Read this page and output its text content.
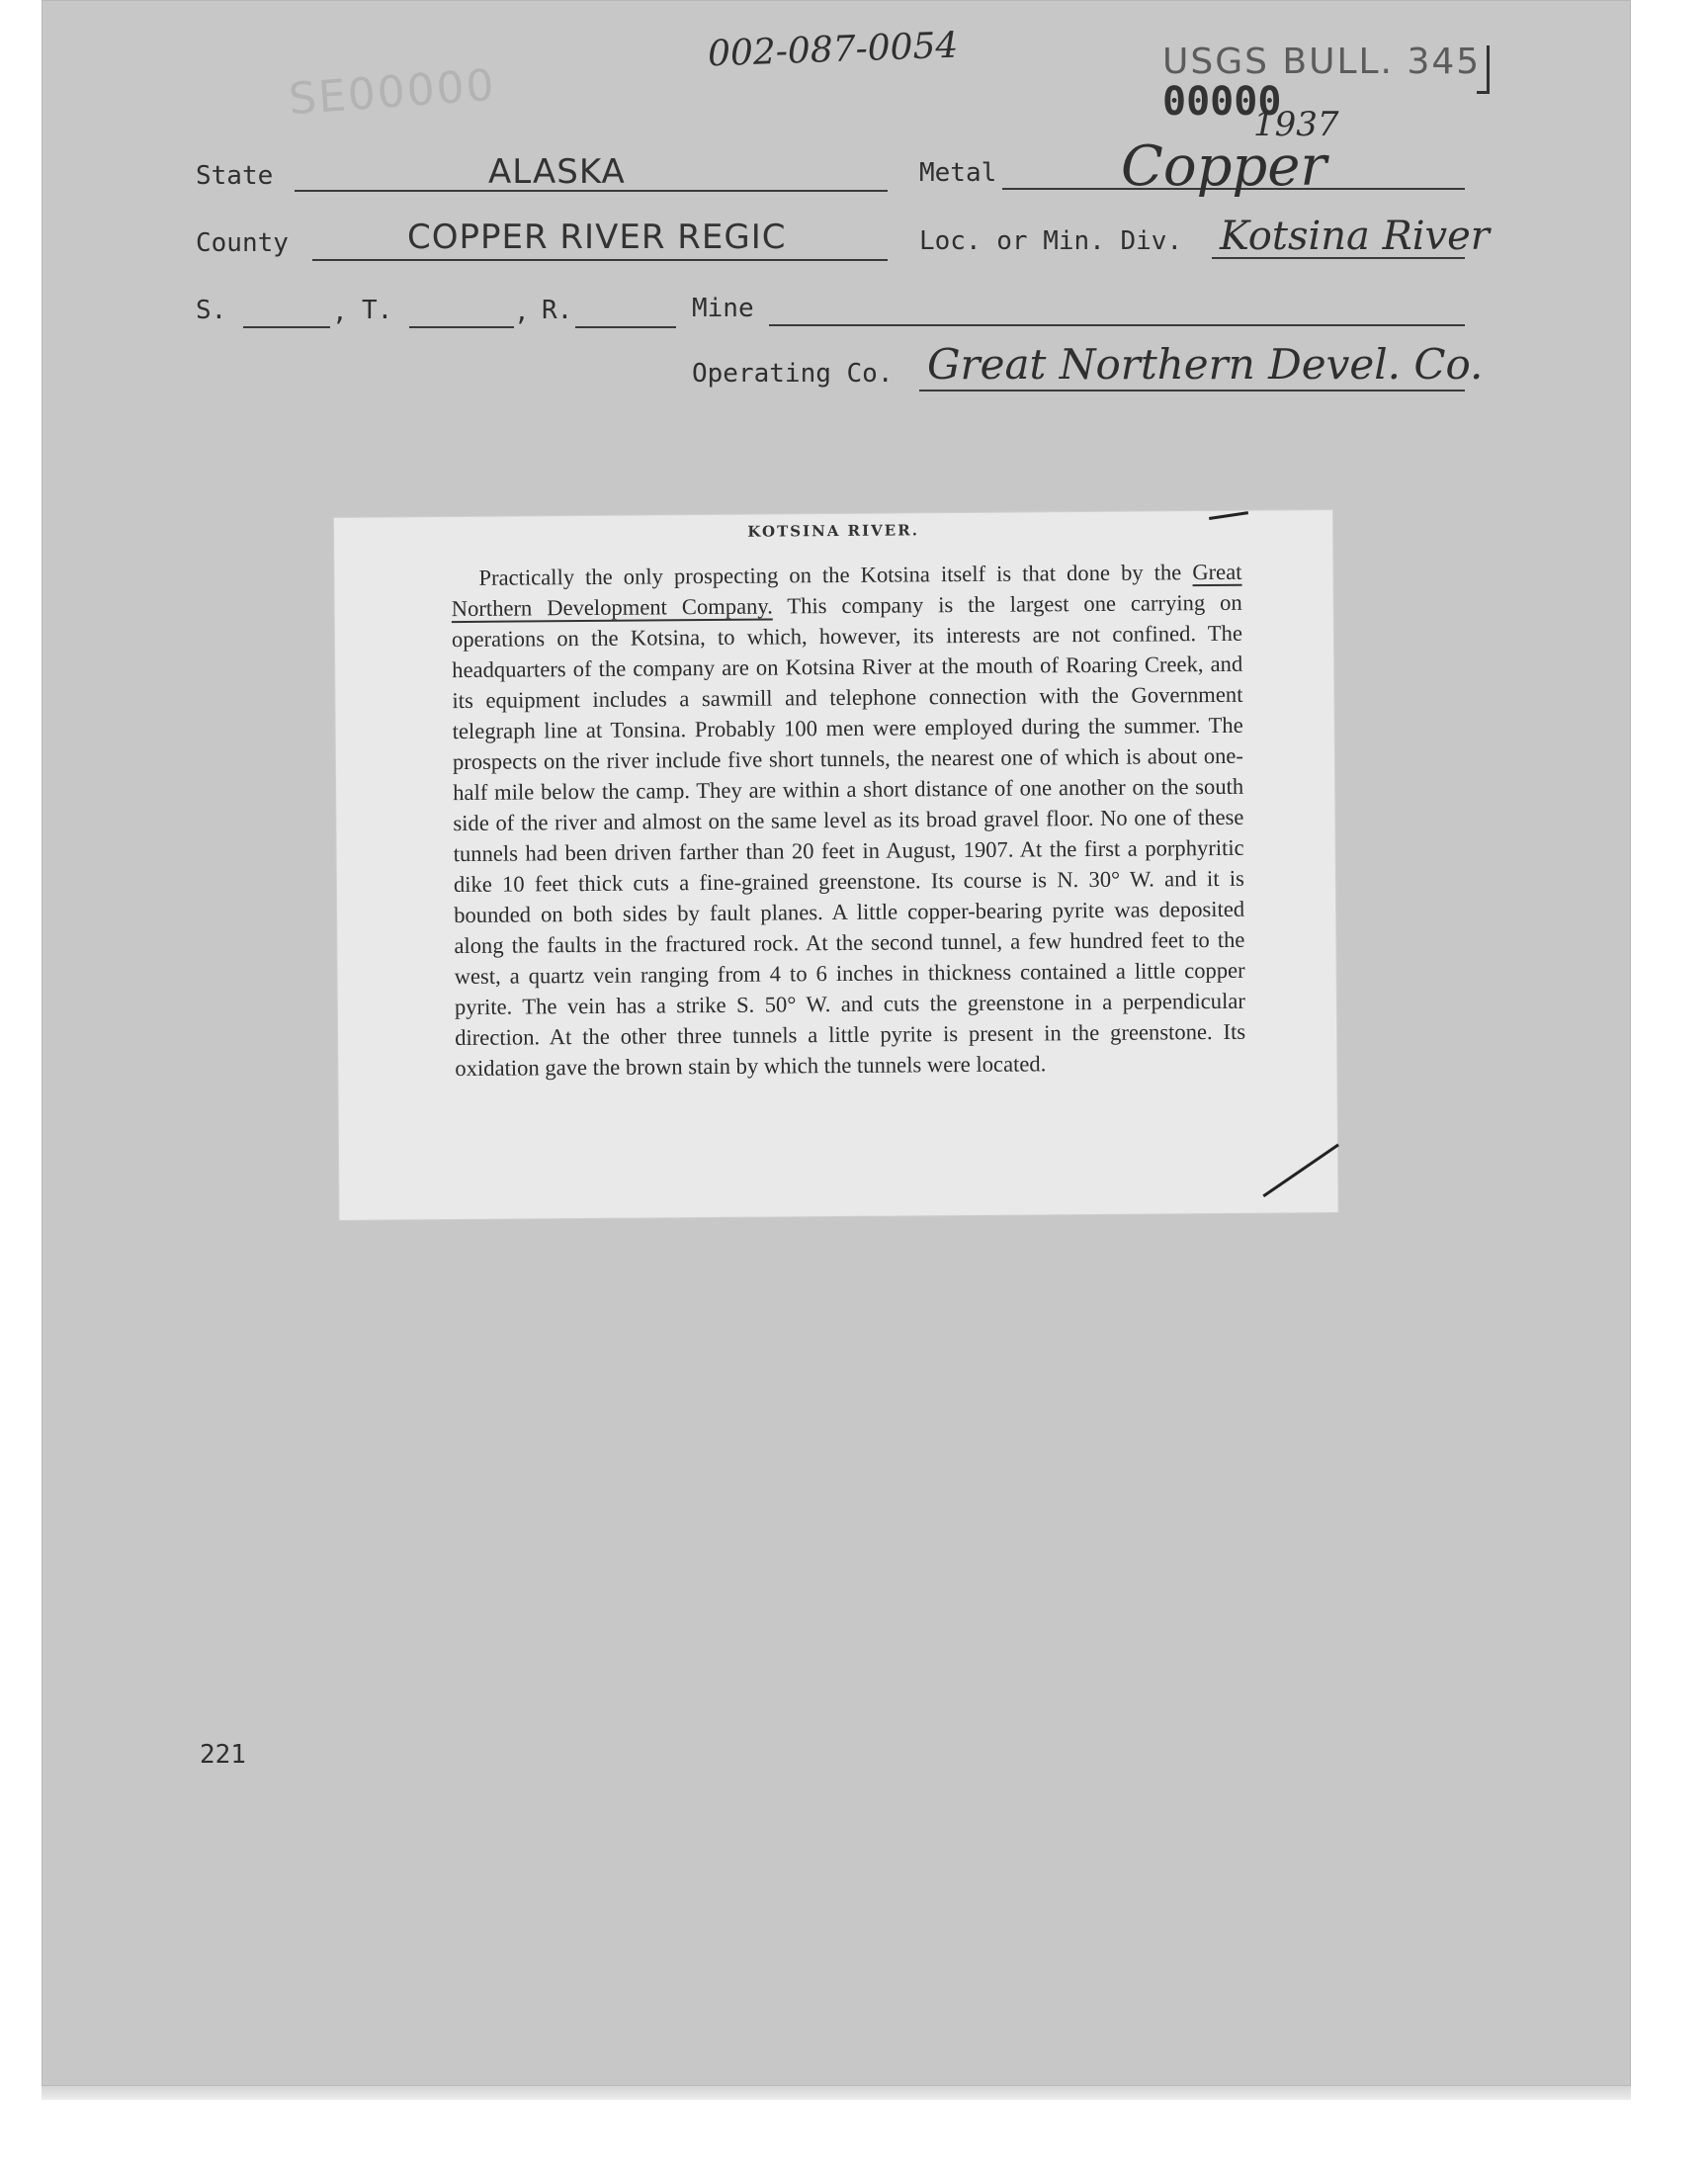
002-087-0054	USGS BULL. 345
SE00000	00000
1937
State	ALASKA	Metal Copper
County	COPPER RIVER REGIC	Loc. or Min. Div. Kotsina River
S.	, T.	, R.	Mine
Operating Co. Great Northern Devel. Co.
KOTSINA RIVER.
Practically the only prospecting on the Kotsina itself is that done by the Great Northern Development Company. This company is the largest one carrying on operations on the Kotsina, to which, however, its interests are not confined. The headquarters of the company are on Kotsina River at the mouth of Roaring Creek, and its equipment includes a sawmill and telephone connection with the Government telegraph line at Tonsina. Probably 100 men were employed during the summer. The prospects on the river include five short tunnels, the nearest one of which is about one-half mile below the camp. They are within a short distance of one another on the south side of the river and almost on the same level as its broad gravel floor. No one of these tunnels had been driven farther than 20 feet in August, 1907. At the first a porphyritic dike 10 feet thick cuts a fine-grained greenstone. Its course is N. 30° W. and it is bounded on both sides by fault planes. A little copper-bearing pyrite was deposited along the faults in the fractured rock. At the second tunnel, a few hundred feet to the west, a quartz vein ranging from 4 to 6 inches in thickness contained a little copper pyrite. The vein has a strike S. 50° W. and cuts the greenstone in a perpendicular direction. At the other three tunnels a little pyrite is present in the greenstone. Its oxidation gave the brown stain by which the tunnels were located.
221
